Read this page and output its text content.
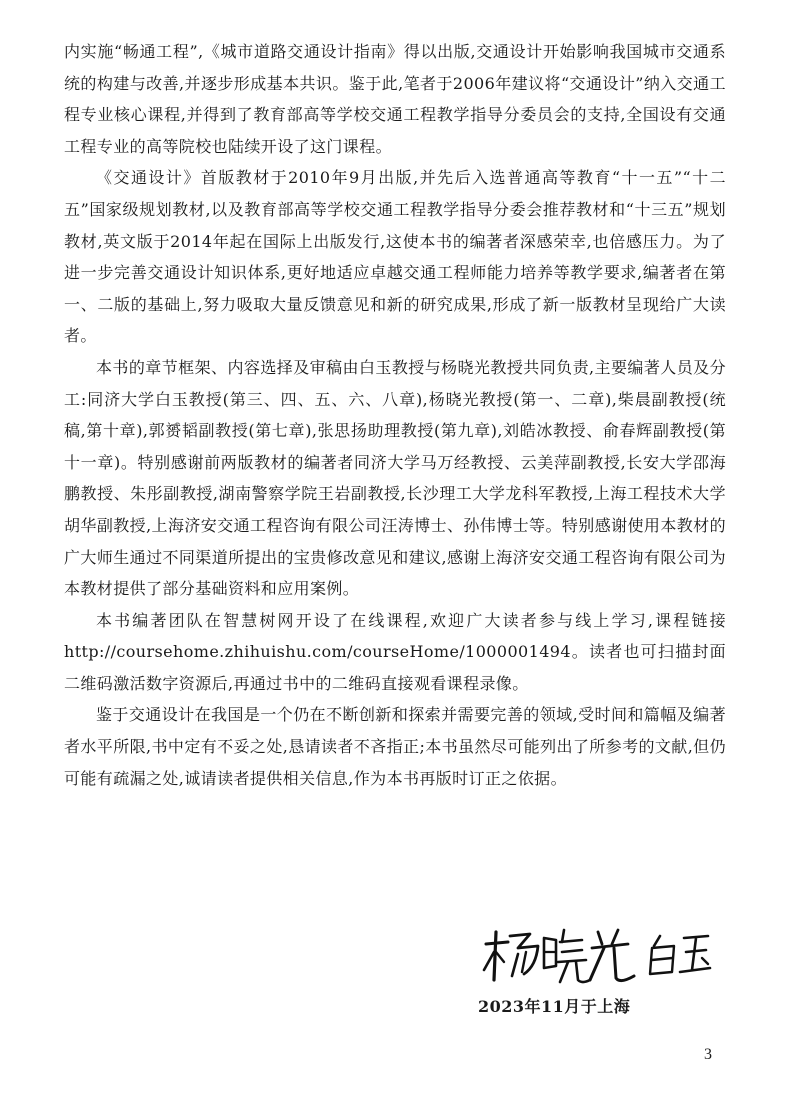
内实施“畅通工程”,《城市道路交通设计指南》得以出版,交通设计开始影响我国城市交通系统的构建与改善,并逐步形成基本共识。鉴于此,笔者于2006年建议将“交通设计”纳入交通工程专业核心课程,并得到了教育部高等学校交通工程教学指导分委员会的支持,全国设有交通工程专业的高等院校也陆续开设了这门课程。

《交通设计》首版教材于2010年9月出版,并先后入选普通高等教育“十一五”“十二五”国家级规划教材,以及教育部高等学校交通工程教学指导分委会推荐教材和“十三五”规划教材,英文版于2014年起在国际上出版发行,这使本书的编著者深感荣幸,也倍感压力。为了进一步完善交通设计知识体系,更好地适应卓越交通工程师能力培养等教学要求,编著者在第一、二版的基础上,努力吸取大量反馈意见和新的研究成果,形成了新一版教材呈现给广大读者。

本书的章节框架、内容选择及审稿由白玉教授与杨晓光教授共同负责,主要编著人员及分工:同济大学白玉教授(第三、四、五、六、八章),杨晓光教授(第一、二章),柴晨副教授(统稿,第十章),郭赟韬副教授(第七章),张思扬助理教授(第九章),刘皓冰教授、俞春辉副教授(第十一章)。特别感谢前两版教材的编著者同济大学马万经教授、云美萍副教授,长安大学邵海鹏教授、朱彤副教授,湖南警察学院王岩副教授,长沙理工大学龙科军教授,上海工程技术大学胡华副教授,上海济安交通工程咨询有限公司汪涛博士、孙伟博士等。特别感谢使用本教材的广大师生通过不同渠道所提出的宝贵修改意见和建议,感谢上海济安交通工程咨询有限公司为本教材提供了部分基础资料和应用案例。

本书编著团队在智慧树网开设了在线课程,欢迎广大读者参与线上学习,课程链接 http://coursehome.zhihuishu.com/courseHome/1000001494。读者也可扫描封面二维码激活数字资源后,再通过书中的二维码直接观看课程录像。

鉴于交通设计在我国是一个仍在不断创新和探索并需要完善的领域,受时间和篇幅及编著者水平所限,书中定有不妥之处,恳请读者不吝指正;本书虽然尽可能列出了所参考的文献,但仍可能有疏漏之处,诚请读者提供相关信息,作为本书再版时订正之依据。

2023年11月于上海
3
